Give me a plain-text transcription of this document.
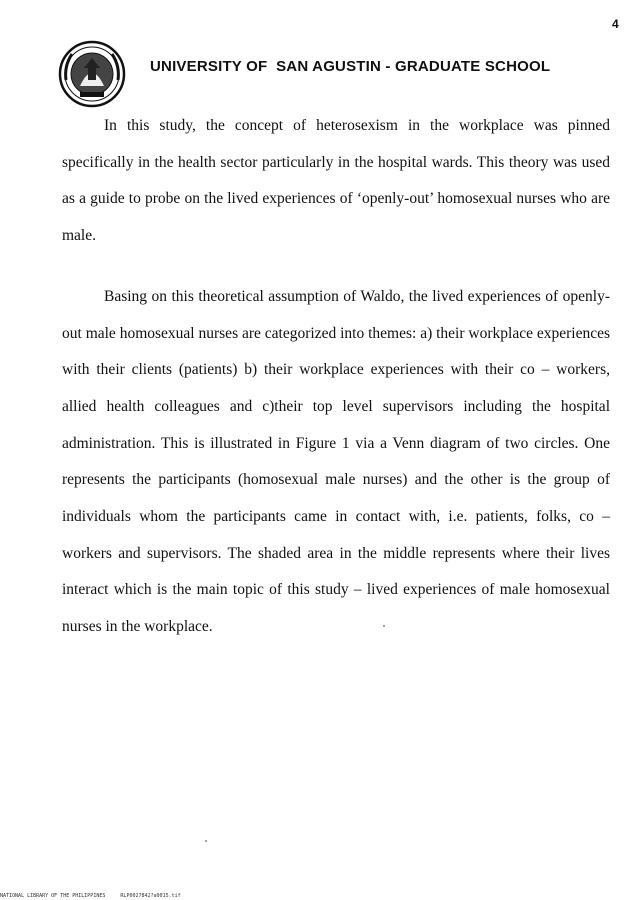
4
UNIVERSITY OF  SAN AGUSTIN - GRADUATE SCHOOL

In this study, the concept of heterosexism in the workplace was pinned specifically in the health sector particularly in the hospital wards. This theory was used as a guide to probe on the lived experiences of ‘openly-out’ homosexual nurses who are male.

Basing on this theoretical assumption of Waldo, the lived experiences of openly-out male homosexual nurses are categorized into themes: a) their workplace experiences with their clients (patients) b) their workplace experiences with their co – workers, allied health colleagues and c)their top level supervisors including the hospital administration. This is illustrated in Figure 1 via a Venn diagram of two circles. One represents the participants (homosexual male nurses) and the other is the group of individuals whom the participants came in contact with, i.e. patients, folks, co – workers and supervisors. The shaded area in the middle represents where their lives interact which is the main topic of this study – lived experiences of male homosexual nurses in the workplace.

NATIONAL LIBRARY OF THE PHILIPPINES	RLP0027842?a0015.tif
